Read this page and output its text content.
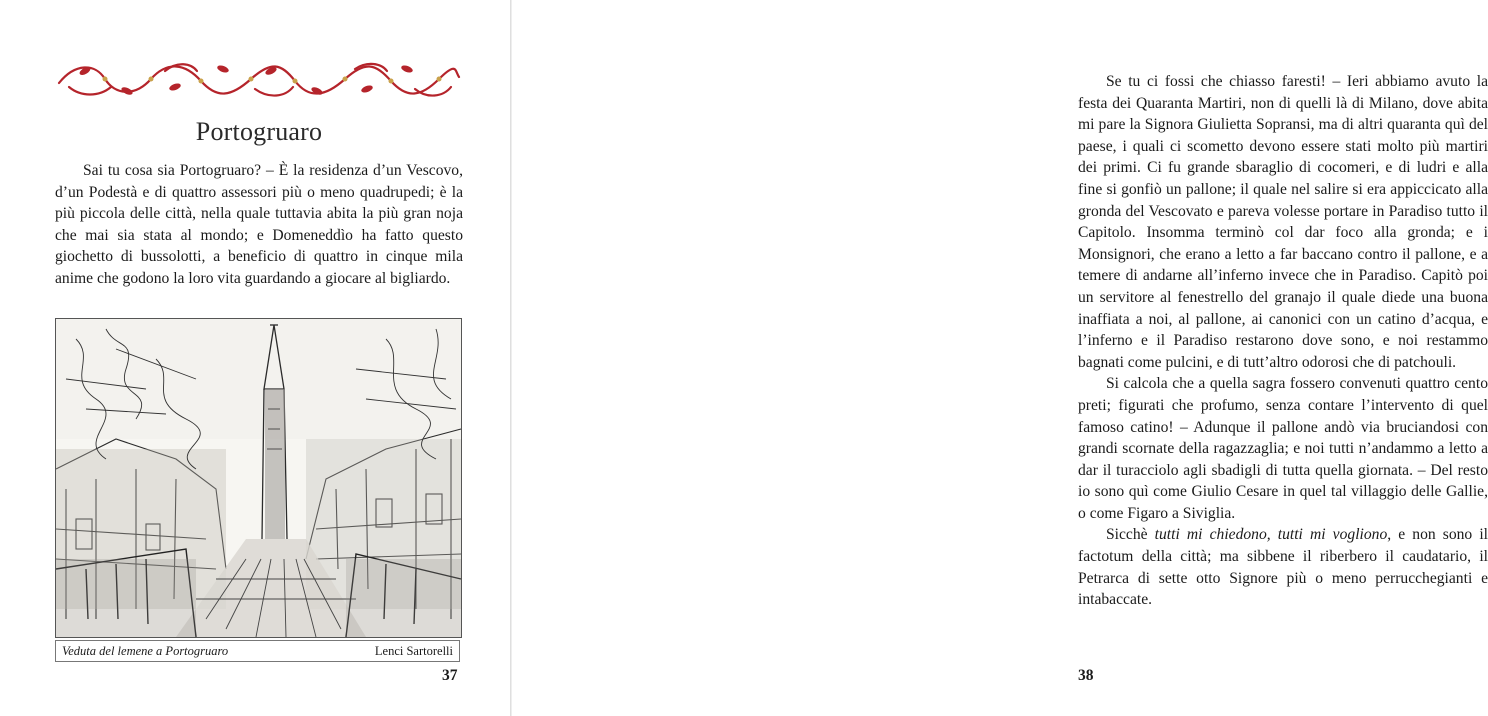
Portogruaro

Sai tu cosa sia Portogruaro? – È la residenza d’un Vescovo, d’un Podestà e di quattro assessori più o meno quadrupedi; è la più piccola delle città, nella quale tuttavia abita la più gran noja che mai sia stata al mondo; e Domeneddìo ha fatto questo giochetto di bussolotti, a beneficio di quattro in cinque mila anime che godono la loro vita guardando a giocare al bigliardo.

Veduta del lemene a Portogruaro	Lenci Sartorelli
37

Se tu ci fossi che chiasso faresti! – Ieri abbiamo avuto la festa dei Quaranta Martiri, non di quelli là di Milano, dove abita mi pare la Signora Giulietta Sopransi, ma di altri quaranta quì del paese, i quali ci scometto devono essere stati molto più martiri dei primi. Ci fu grande sbaraglio di cocomeri, e di ludri e alla fine si gonfiò un pallone; il quale nel salire si era appiccicato alla gronda del Vescovato e pareva volesse portare in Paradiso tutto il Capitolo. Insomma terminò col dar foco alla gronda; e i Monsignori, che erano a letto a far baccano contro il pallone, e a temere di andarne all’inferno invece che in Paradiso. Capitò poi un servitore al fenestrello del granajo il quale diede una buona inaffiata a noi, al pallone, ai canonici con un catino d’acqua, e l’inferno e il Paradiso restarono dove sono, e noi restammo bagnati come pulcini, e di tutt’altro odorosi che di patchouli.

Si calcola che a quella sagra fossero convenuti quattro cento preti; figurati che profumo, senza contare l’intervento di quel famoso catino! – Adunque il pallone andò via bruciandosi con grandi scornate della ragazzaglia; e noi tutti n’andammo a letto a dar il turacciolo agli sbadigli di tutta quella giornata. – Del resto io sono quì come Giulio Cesare in quel tal villaggio delle Gallie, o come Figaro a Siviglia.

Sicchè tutti mi chiedono, tutti mi vogliono, e non sono il factotum della città; ma sibbene il riberbero il caudatario, il Petrarca di sette otto Signore più o meno perrucchegianti e intabaccate.

38
